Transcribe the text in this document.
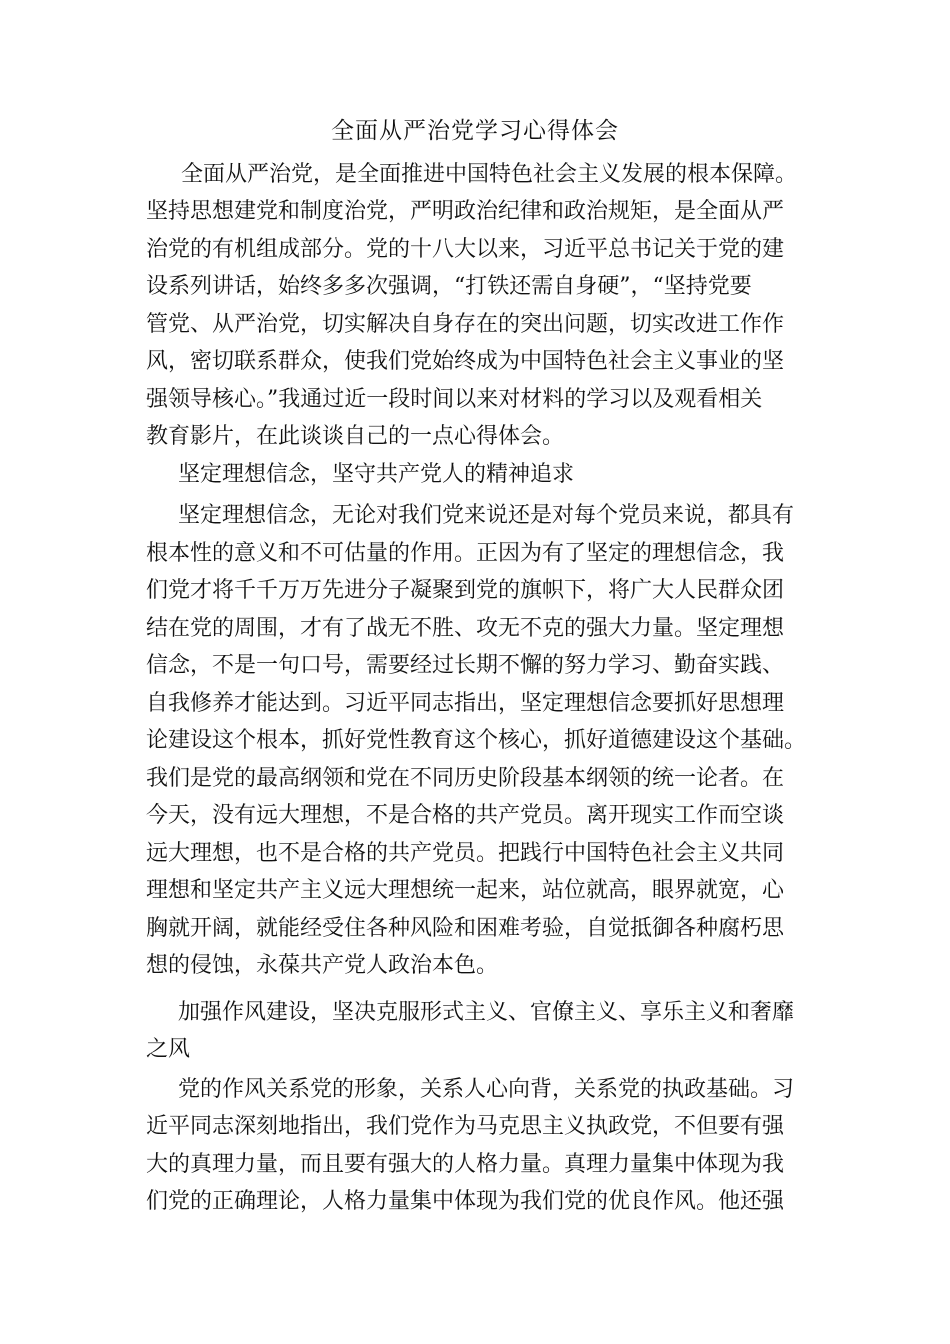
全面从严治党学习心得体会

全面从严治党，是全面推进中国特色社会主义发展的根本保障。

坚持思想建党和制度治党，严明政治纪律和政治规矩，是全面从严

治党的有机组成部分。党的十八大以来，习近平总书记关于党的建

设系列讲话，始终多多次强调，“打铁还需自身硬”，“坚持党要

管党、从严治党，切实解决自身存在的突出问题，切实改进工作作

风，密切联系群众，使我们党始终成为中国特色社会主义事业的坚

强领导核心。”我通过近一段时间以来对材料的学习以及观看相关

教育影片，在此谈谈自己的一点心得体会。

坚定理想信念，坚守共产党人的精神追求

坚定理想信念，无论对我们党来说还是对每个党员来说，都具有

根本性的意义和不可估量的作用。正因为有了坚定的理想信念，我

们党才将千千万万先进分子凝聚到党的旗帜下，将广大人民群众团

结在党的周围，才有了战无不胜、攻无不克的强大力量。坚定理想

信念，不是一句口号，需要经过长期不懈的努力学习、勤奋实践、

自我修养才能达到。习近平同志指出，坚定理想信念要抓好思想理

论建设这个根本，抓好党性教育这个核心，抓好道德建设这个基础。

我们是党的最高纲领和党在不同历史阶段基本纲领的统一论者。在

今天，没有远大理想，不是合格的共产党员。离开现实工作而空谈

远大理想，也不是合格的共产党员。把践行中国特色社会主义共同

理想和坚定共产主义远大理想统一起来，站位就高，眼界就宽，心

胸就开阔，就能经受住各种风险和困难考验，自觉抵御各种腐朽思

想的侵蚀，永葆共产党人政治本色。

加强作风建设，坚决克服形式主义、官僚主义、享乐主义和奢靡

之风

党的作风关系党的形象，关系人心向背，关系党的执政基础。习

近平同志深刻地指出，我们党作为马克思主义执政党，不但要有强

大的真理力量，而且要有强大的人格力量。真理力量集中体现为我

们党的正确理论，人格力量集中体现为我们党的优良作风。他还强
